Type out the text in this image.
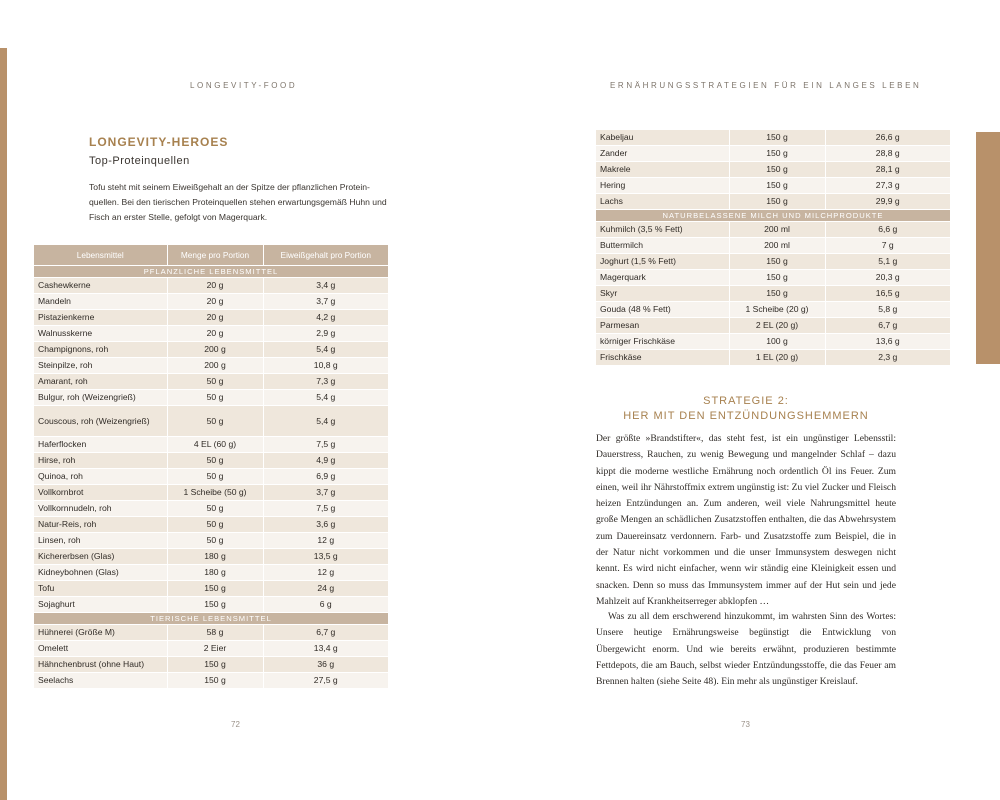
LONGEVITY-FOOD
LONGEVITY-HEROES
Top-Proteinquellen
Tofu steht mit seinem Eiweißgehalt an der Spitze der pflanzlichen Protein-quellen. Bei den tierischen Proteinquellen stehen erwartungsgemäß Huhn und Fisch an erster Stelle, gefolgt von Magerquark.
Lebensmittel	Menge pro Portion	Eiweißgehalt pro Portion
PFLANZLICHE LEBENSMITTEL		
Cashewkerne	20 g	3,4 g
Mandeln	20 g	3,7 g
Pistazienkerne	20 g	4,2 g
Walnusskerne	20 g	2,9 g
Champignons, roh	200 g	5,4 g
Steinpilze, roh	200 g	10,8 g
Amarant, roh	50 g	7,3 g
Bulgur, roh (Weizengrieß)	50 g	5,4 g
Couscous, roh (Weizengrieß)	50 g	5,4 g
Haferflocken	4 EL (60 g)	7,5 g
Hirse, roh	50 g	4,9 g
Quinoa, roh	50 g	6,9 g
Vollkornbrot	1 Scheibe (50 g)	3,7 g
Vollkornnudeln, roh	50 g	7,5 g
Natur-Reis, roh	50 g	3,6 g
Linsen, roh	50 g	12 g
Kichererbsen (Glas)	180 g	13,5 g
Kidneybohnen (Glas)	180 g	12 g
Tofu	150 g	24 g
Sojaghurt	150 g	6 g
TIERISCHE LEBENSMITTEL		
Hühnerei (Größe M)	58 g	6,7 g
Omelett	2 Eier	13,4 g
Hähnchenbrust (ohne Haut)	150 g	36 g
Seelachs	150 g	27,5 g
72
ERNÄHRUNGSSTRATEGIEN FÜR EIN LANGES LEBEN
Kabeljau	150 g	26,6 g
Zander	150 g	28,8 g
Makrele	150 g	28,1 g
Hering	150 g	27,3 g
Lachs	150 g	29,9 g
NATURBELASSENE MILCH UND MILCHPRODUKTE		
Kuhmilch (3,5 % Fett)	200 ml	6,6 g
Buttermilch	200 ml	7 g
Joghurt (1,5 % Fett)	150 g	5,1 g
Magerquark	150 g	20,3 g
Skyr	150 g	16,5 g
Gouda (48 % Fett)	1 Scheibe (20 g)	5,8 g
Parmesan	2 EL (20 g)	6,7 g
körniger Frischkäse	100 g	13,6 g
Frischkäse	1 EL (20 g)	2,3 g
STRATEGIE 2:
HER MIT DEN ENTZÜNDUNGSHEMMERN

Der größte »Brandstifter«, das steht fest, ist ein ungünstiger Lebensstil: Dauerstress, Rauchen, zu wenig Bewegung und mangelnder Schlaf – dazu kippt die moderne westliche Ernährung noch ordentlich Öl ins Feuer. Zum einen, weil ihr Nährstoffmix extrem ungünstig ist: Zu viel Zucker und Fleisch heizen Entzündungen an. Zum anderen, weil viele Nahrungsmittel heute große Mengen an schädlichen Zusatzstoffen enthalten, die das Abwehrsystem zum Dauereinsatz verdonnern. Farb- und Zusatzstoffe zum Beispiel, die in der Natur nicht vorkommen und die unser Immunsystem deswegen nicht kennt. Es wird nicht einfacher, wenn wir ständig eine Kleinigkeit essen und snacken. Denn so muss das Immunsystem immer auf der Hut sein und jede Mahlzeit auf Krankheitserreger abklopfen …

Was zu all dem erschwerend hinzukommt, im wahrsten Sinn des Wortes: Unsere heutige Ernährungsweise begünstigt die Entwicklung von Übergewicht enorm. Und wie bereits erwähnt, produzieren bestimmte Fettdepots, die am Bauch, selbst wieder Entzündungsstoffe, die das Feuer am Brennen halten (siehe Seite 48). Ein mehr als ungünstiger Kreislauf.

73
